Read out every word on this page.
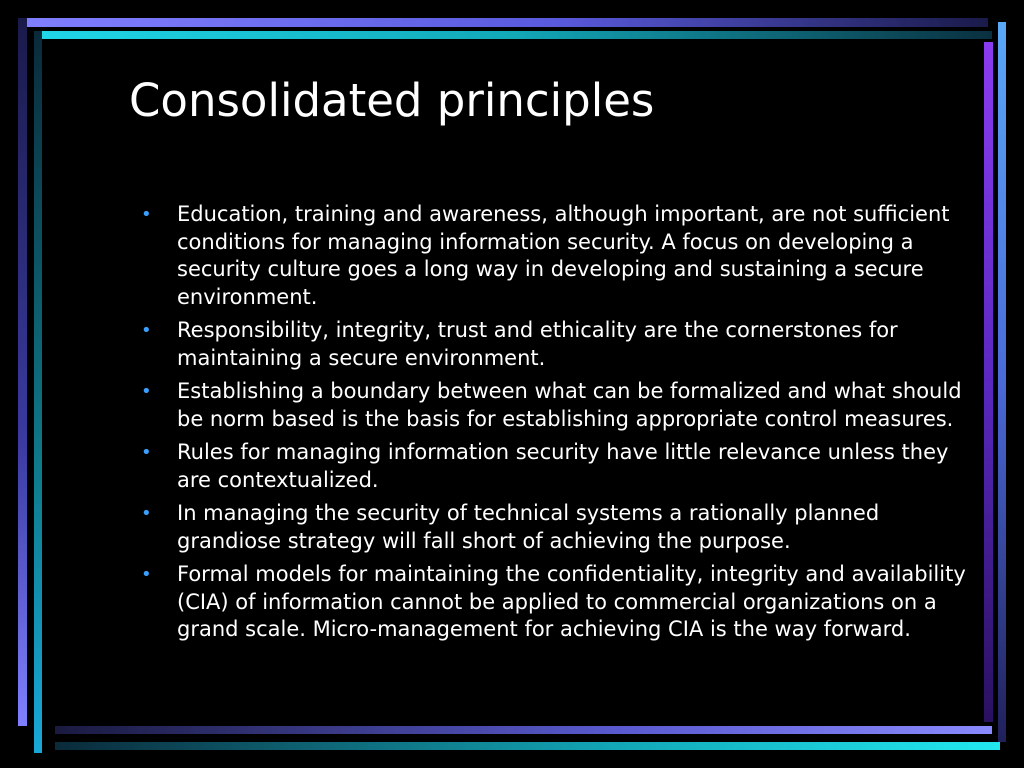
Consolidated principles
• Education, training and awareness, although important, are not sufficient conditions for managing information security. A focus on developing a security culture goes a long way in developing and sustaining a secure environment.
• Responsibility, integrity, trust and ethicality are the cornerstones for maintaining a secure environment.
• Establishing a boundary between what can be formalized and what should be norm based is the basis for establishing appropriate control measures.
• Rules for managing information security have little relevance unless they are contextualized.
• In managing the security of technical systems a rationally planned grandiose strategy will fall short of achieving the purpose.
• Formal models for maintaining the confidentiality, integrity and availability (CIA) of information cannot be applied to commercial organizations on a grand scale. Micro-management for achieving CIA is the way forward.
